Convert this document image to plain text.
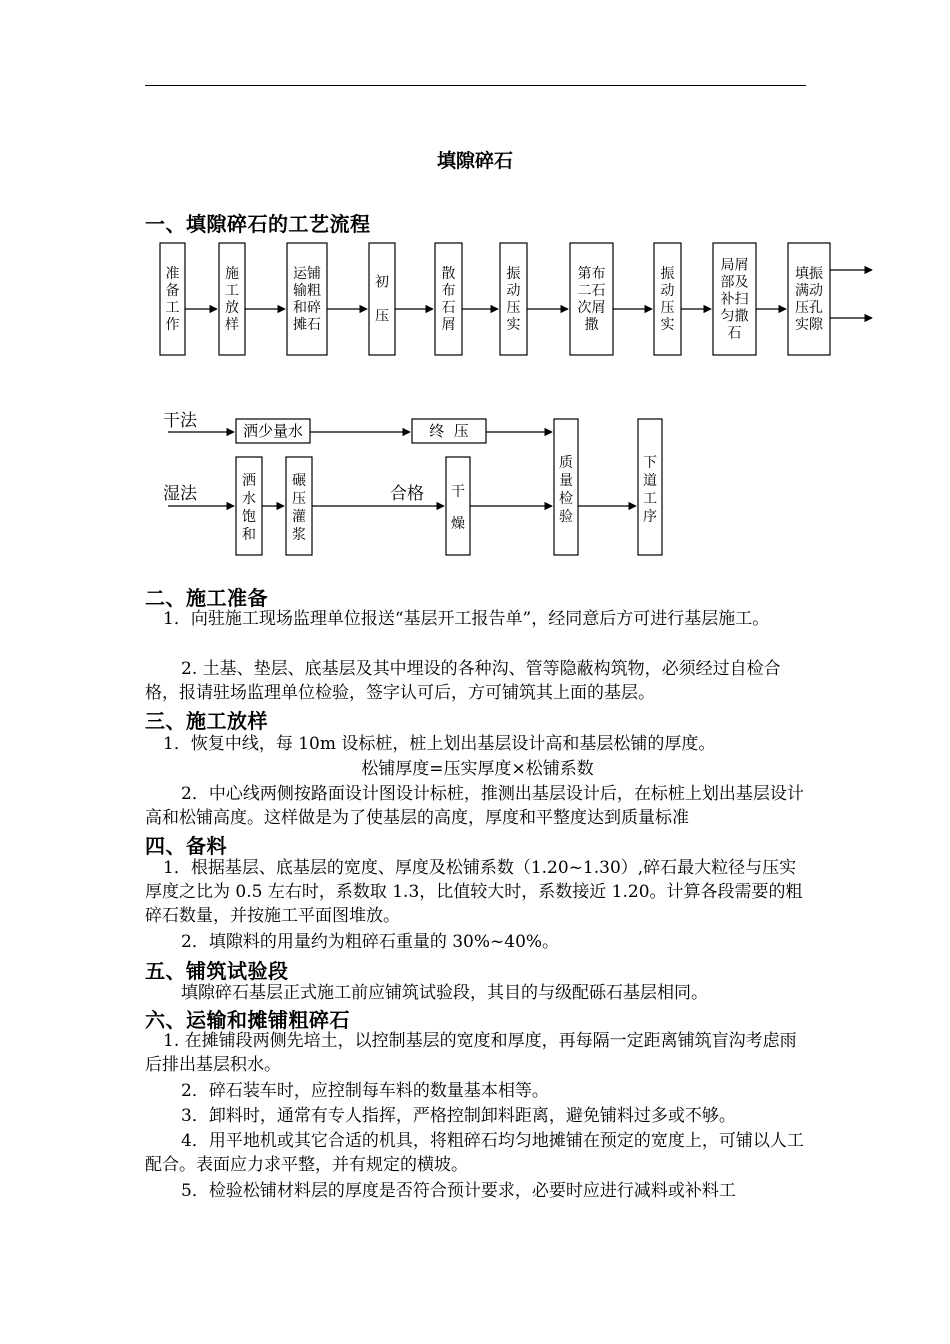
填隙碎石
一、填隙碎石的工艺流程
准
备
工
作
施
工
放
样
运铺
输粗
和碎
摊石
初
压
散
布
石
屑
振
动
压
实
第布
二石
次屑
撒
振
动
压
实
局屑
部及
补扫
匀撒
石
填振
满动
压孔
实隙
干法
湿法
洒少量水	终  压
洒
水
饱
和
碾
压
灌
浆
合格 干
燥
质
量
检
验
下
道
工
序
二、施工准备
1．向驻施工现场监理单位报送“基层开工报告单”，经同意后方可进行基层施工。
2. 土基、垫层、底基层及其中埋设的各种沟、管等隐蔽构筑物，必须经过自检合格，报请驻场监理单位检验，签字认可后，方可铺筑其上面的基层。
三、施工放样
1．恢复中线，每 10m 设标桩，桩上划出基层设计高和基层松铺的厚度。
松铺厚度=压实厚度×松铺系数
2．中心线两侧按路面设计图设计标桩，推测出基层设计后，在标桩上划出基层设计高和松铺高度。这样做是为了使基层的高度，厚度和平整度达到质量标准
四、备料
1．根据基层、底基层的宽度、厚度及松铺系数（1.20~1.30）,碎石最大粒径与压实厚度之比为 0.5 左右时，系数取 1.3，比值较大时，系数接近 1.20。计算各段需要的粗碎石数量，并按施工平面图堆放。
2．填隙料的用量约为粗碎石重量的 30%~40%。
五、铺筑试验段
填隙碎石基层正式施工前应铺筑试验段，其目的与级配砾石基层相同。
六、运输和摊铺粗碎石
1. 在摊铺段两侧先培土，以控制基层的宽度和厚度，再每隔一定距离铺筑盲沟考虑雨后排出基层积水。
2．碎石装车时，应控制每车料的数量基本相等。
3．卸料时，通常有专人指挥，严格控制卸料距离，避免铺料过多或不够。
4．用平地机或其它合适的机具，将粗碎石均匀地摊铺在预定的宽度上，可铺以人工配合。表面应力求平整，并有规定的横坡。
5．检验松铺材料层的厚度是否符合预计要求，必要时应进行减料或补料工
